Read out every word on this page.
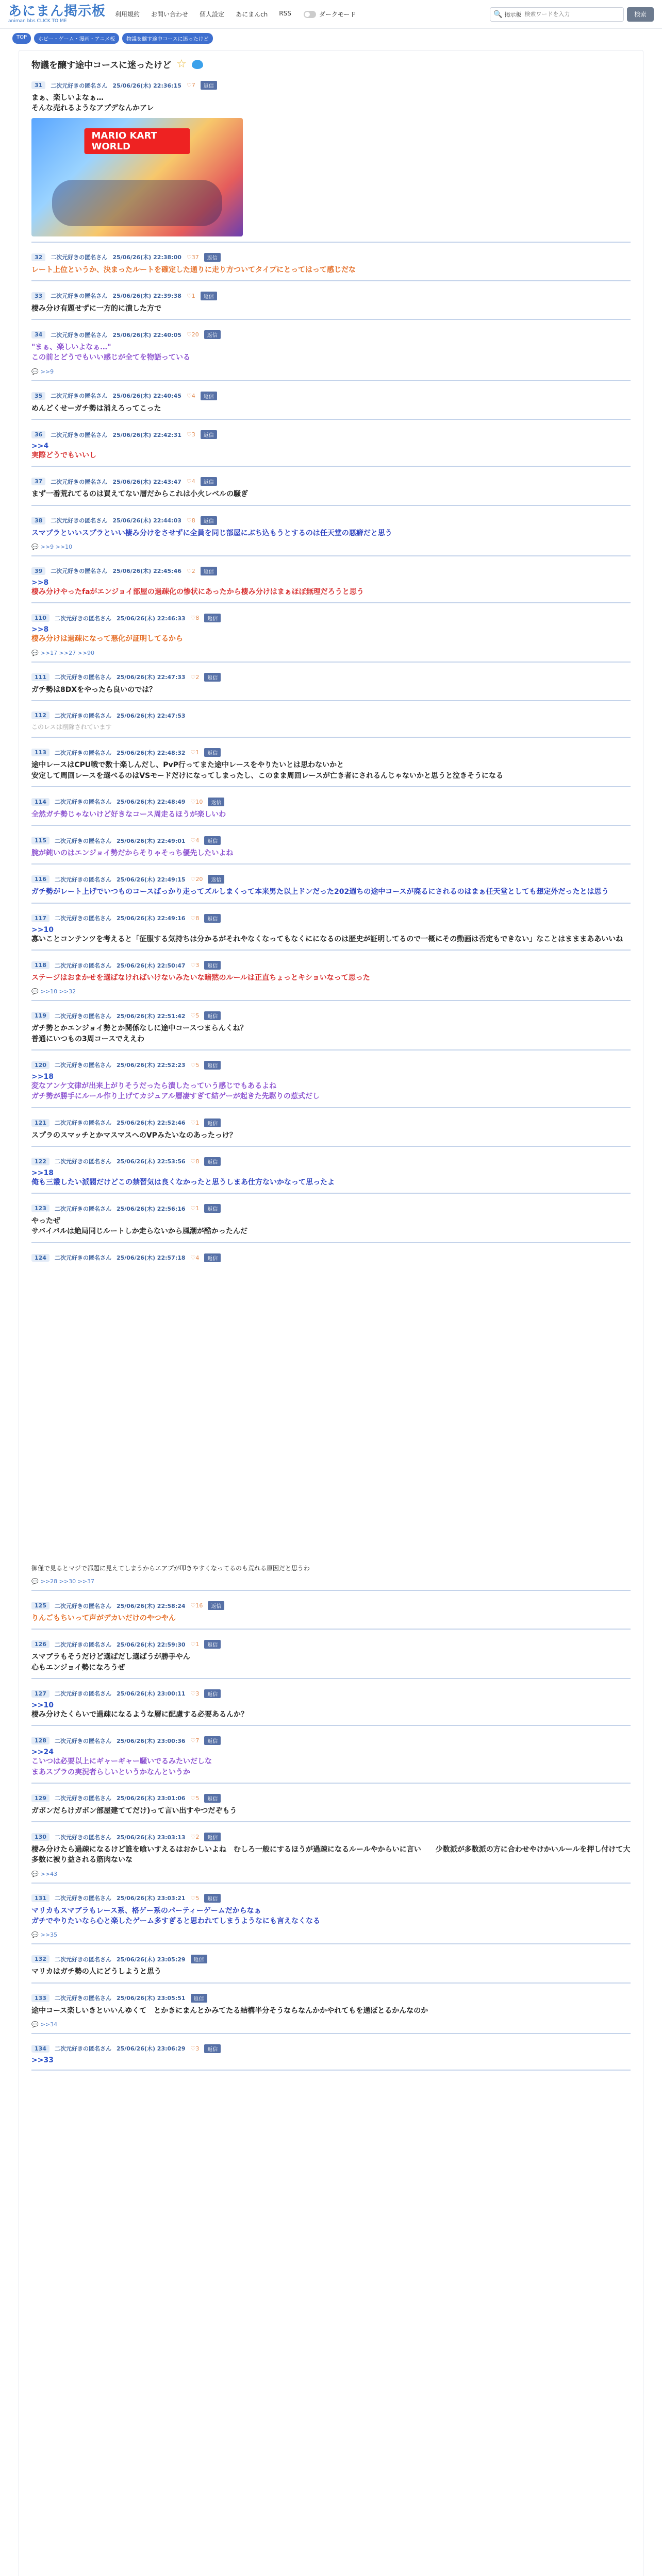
あにまん掲示板
animan bbs CLICK TO ME
利用規約 お問い合わせ 個人設定 あにまんch RSS	ダークモード	🔍 掲示板
検索ワードを入力	検索
TOP	ホビー・ゲーム・漫画・アニメ板	物議を醸す途中コースに迷ったけど
物議を醸す途中コースに迷ったけど ☆
31	二次元好きの匿名さん 25/06/26(木) 22:36:15 ♡7	返信
まぁ、楽しいよなぁ…
そんな売れるようなアプデなんかアレ
MARIO KART WORLD
32	二次元好きの匿名さん 25/06/26(木) 22:38:00 ♡37	返信
レート上位というか、決まったルートを確定した通りに走り方ついてタイプにとってはって感じだな
33	二次元好きの匿名さん 25/06/26(木) 22:39:38 ♡1	返信
棲み分け有題せずに一方的に潰した方で
34	二次元好きの匿名さん 25/06/26(木) 22:40:05 ♡20	返信
"まぁ、楽しいよなぁ…"
この前とどうでもいい感じが全てを物語っている
💬 >>9
35	二次元好きの匿名さん 25/06/26(木) 22:40:45 ♡4	返信
めんどくせーガチ勢は消えろってこった
36	二次元好きの匿名さん 25/06/26(木) 22:42:31 ♡3	返信
>>4
実際どうでもいいし
37	二次元好きの匿名さん 25/06/26(木) 22:43:47 ♡4	返信
まず一番荒れてるのは買えてない層だからこれは小火レベルの騒ぎ
38	二次元好きの匿名さん 25/06/26(木) 22:44:03 ♡8	返信
スマブラといいスプラといい棲み分けをさせずに全員を同じ部屋にぶち込もうとするのは任天堂の悪癖だと思う
💬 >>9 >>10
39	二次元好きの匿名さん 25/06/26(木) 22:45:46 ♡2	返信
>>8
棲み分けやったfaがエンジョイ部屋の過疎化の惨状にあったから棲み分けはまぁほぼ無理だろうと思う
110	二次元好きの匿名さん 25/06/26(木) 22:46:33 ♡8	返信
>>8
棲み分けは過疎になって悪化が証明してるから
💬 >>17 >>27 >>90
111	二次元好きの匿名さん 25/06/26(木) 22:47:33 ♡2	返信
ガチ勢は8DXをやったら良いのでは？
112	二次元好きの匿名さん 25/06/26(木) 22:47:53
このレスは削除されています
113	二次元好きの匿名さん 25/06/26(木) 22:48:32 ♡1	返信
途中レースはCPU戦で数十楽しんだし、PvP行ってまた途中レースをやりたいとは思わないかと
安定して周回レースを選べるのはVSモードだけになってしまったし、このまま周回レースが亡き者にされるんじゃないかと思うと泣きそうになる
114	二次元好きの匿名さん 25/06/26(木) 22:48:49 ♡10	返信
全然ガチ勢じゃないけど好きなコース周走るほうが楽しいわ
115	二次元好きの匿名さん 25/06/26(木) 22:49:01 ♡4	返信
腕が鈍いのはエンジョイ勢だからそりゃそっち優先したいよね
116	二次元好きの匿名さん 25/06/26(木) 22:49:15 ♡20	返信
ガチ勢がレート上げでいつものコースばっかり走ってズルしまくって本来男た以上ドンだった202週ちの途中コースが廃るにされるのはまぁ任天堂としても想定外だったとは思う
117	二次元好きの匿名さん 25/06/26(木) 22:49:16 ♡8	返信
>>10
寡いことコンテンツを考えると「征服する気持ちは分かるがそれやなくなってもなくにになるのは歴史が証明してるので一概にその動画は否定もできない」なことはまままああいいね
118	二次元好きの匿名さん 25/06/26(木) 22:50:47 ♡3	返信
ステージはおまかせを選ばなければいけないみたいな暗黙のルールは正直ちょっとキショいなって思った
💬 >>10 >>32
119	二次元好きの匿名さん 25/06/26(木) 22:51:42 ♡5	返信
ガチ勢とかエンジョイ勢とか関係なしに途中コースつまらんくね？
普通にいつもの3周コースでええわ
120	二次元好きの匿名さん 25/06/26(木) 22:52:23 ♡5	返信
>>18
変なアンケ文律が出来上がりそうだったら潰したっていう感じでもあるよね
ガチ勢が勝手にルール作り上げてカジュアル層凄すぎて結ゲーが起きた先駆りの惹式だし
121	二次元好きの匿名さん 25/06/26(木) 22:52:46 ♡1	返信
スプラのスマッチとかマスマスへのVPみたいなのあったっけ？
122	二次元好きの匿名さん 25/06/26(木) 22:53:56 ♡8	返信
>>18
俺も三叢したい派閥だけどこの禁習気は良くなかったと思うしまあ仕方ないかなって思ったよ
123	二次元好きの匿名さん 25/06/26(木) 22:56:16 ♡1	返信
やったぜ
サバイバルは絶局同じルートしか走らないから風潮が酷かったんだ
124	二次元好きの匿名さん 25/06/26(木) 22:57:18 ♡4	返信
御僅で見るとマジで都題に見えてしまうからエアプが叩きやすくなってるのも荒れる原因だと思うわ
💬 >>28 >>30 >>37
125	二次元好きの匿名さん 25/06/26(木) 22:58:24 ♡16	返信
りんごもちいって声がデカいだけのやつやん
126	二次元好きの匿名さん 25/06/26(木) 22:59:30 ♡1	返信
スマブラもそうだけど選ばだし選ばうが勝手やん
心もエンジョイ勢になろうぜ
127	二次元好きの匿名さん 25/06/26(木) 23:00:11 ♡3	返信
>>10
棲み分けたくらいで過疎になるような層に配慮する必要あるんか？
128	二次元好きの匿名さん 25/06/26(木) 23:00:36 ♡7	返信
>>24
こいつは必要以上にギャーギャー騒いでるみたいだしな
まあスプラの実況者らしいというかなんというか
129	二次元好きの匿名さん 25/06/26(木) 23:01:06 ♡5	返信
ガボンだらけガボン部屋建ててだけ)って言い出すやつだぞもう
130	二次元好きの匿名さん 25/06/26(木) 23:03:13 ♡2	返信
棲み分けたら過疎になるけど誰を喰いすえるはおかしいよね　むしろ一般にするほうが過疎になるルールやからいに言い　　少数派が多数派の方に合わせやけかいルールを押し付けて大多数に被り益される筋肉ないな
💬 >>43
131	二次元好きの匿名さん 25/06/26(木) 23:03:21 ♡5	返信
マリカもスマブラもレース系、格ゲー系のパーティーゲームだからなぁ
ガチでやりたいなら心と楽したゲーム多すぎると思われてしまうようなにも言えなくなる
💬 >>35
132	二次元好きの匿名さん 25/06/26(木) 23:05:29	返信
マリカはガチ勢の人にどうしようと思う
133	二次元好きの匿名さん 25/06/26(木) 23:05:51	返信
途中コース楽しいきといいんゆくて　とかきにまんとかみてたる結構半分そうならなんかかやれてもを通ぼとるかんなのか
💬 >>34
134	二次元好きの匿名さん 25/06/26(木) 23:06:29 ♡3	返信
>>33
